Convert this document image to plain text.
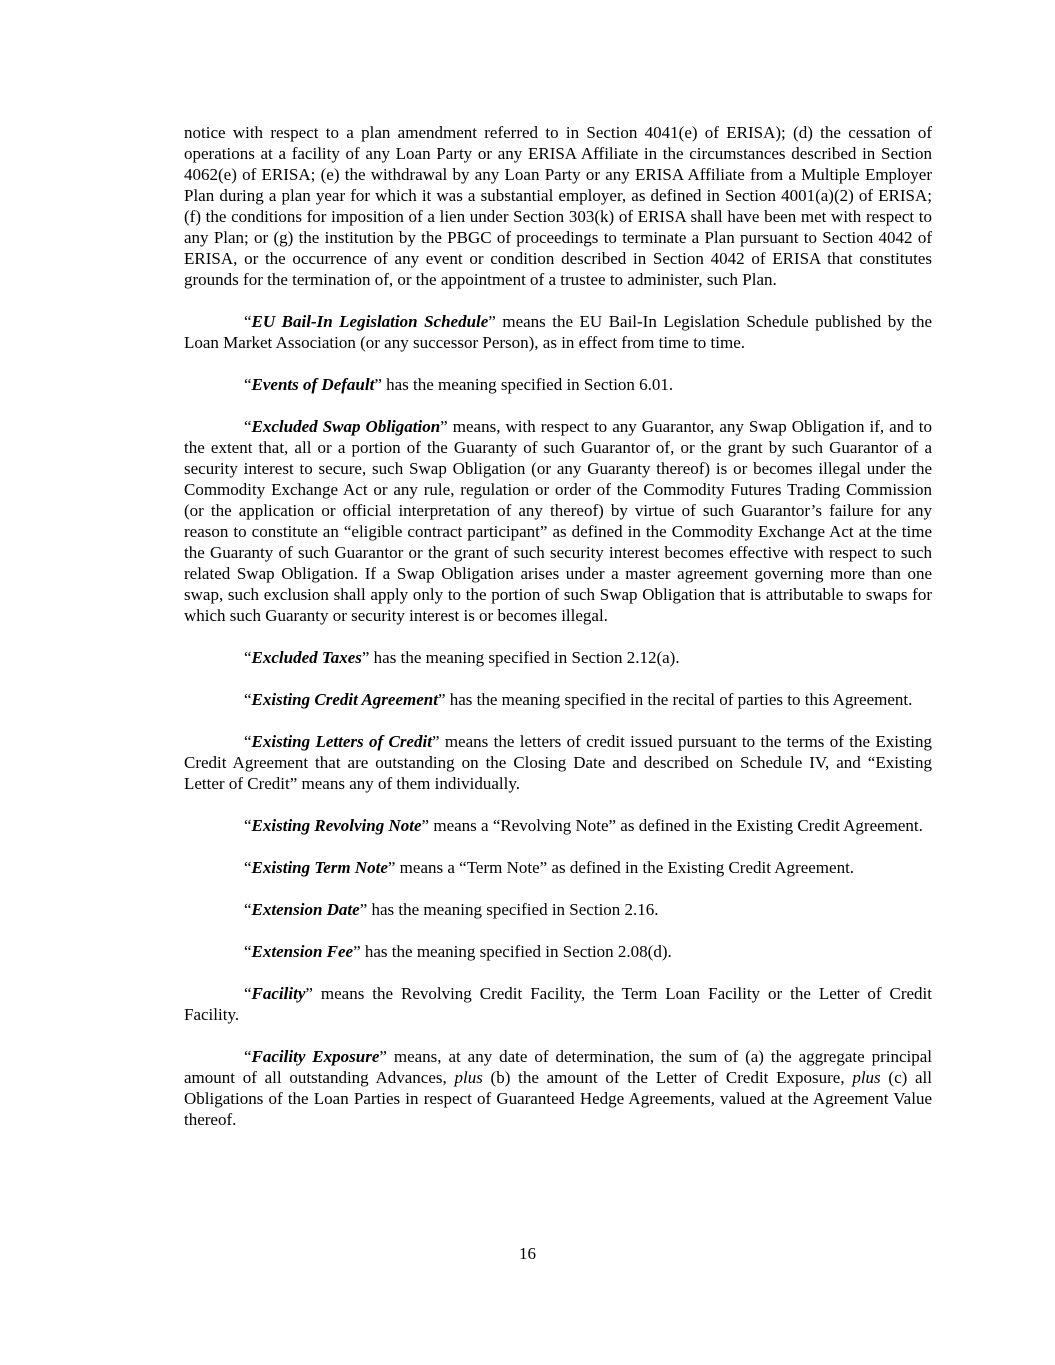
notice with respect to a plan amendment referred to in Section 4041(e) of ERISA); (d) the cessation of operations at a facility of any Loan Party or any ERISA Affiliate in the circumstances described in Section 4062(e) of ERISA; (e) the withdrawal by any Loan Party or any ERISA Affiliate from a Multiple Employer Plan during a plan year for which it was a substantial employer, as defined in Section 4001(a)(2) of ERISA; (f) the conditions for imposition of a lien under Section 303(k) of ERISA shall have been met with respect to any Plan; or (g) the institution by the PBGC of proceedings to terminate a Plan pursuant to Section 4042 of ERISA, or the occurrence of any event or condition described in Section 4042 of ERISA that constitutes grounds for the termination of, or the appointment of a trustee to administer, such Plan.

“EU Bail-In Legislation Schedule” means the EU Bail-In Legislation Schedule published by the Loan Market Association (or any successor Person), as in effect from time to time.

“Events of Default” has the meaning specified in Section 6.01.

“Excluded Swap Obligation” means, with respect to any Guarantor, any Swap Obligation if, and to the extent that, all or a portion of the Guaranty of such Guarantor of, or the grant by such Guarantor of a security interest to secure, such Swap Obligation (or any Guaranty thereof) is or becomes illegal under the Commodity Exchange Act or any rule, regulation or order of the Commodity Futures Trading Commission (or the application or official interpretation of any thereof) by virtue of such Guarantor’s failure for any reason to constitute an “eligible contract participant” as defined in the Commodity Exchange Act at the time the Guaranty of such Guarantor or the grant of such security interest becomes effective with respect to such related Swap Obligation. If a Swap Obligation arises under a master agreement governing more than one swap, such exclusion shall apply only to the portion of such Swap Obligation that is attributable to swaps for which such Guaranty or security interest is or becomes illegal.

“Excluded Taxes” has the meaning specified in Section 2.12(a).

“Existing Credit Agreement” has the meaning specified in the recital of parties to this Agreement.

“Existing Letters of Credit” means the letters of credit issued pursuant to the terms of the Existing Credit Agreement that are outstanding on the Closing Date and described on Schedule IV, and “Existing Letter of Credit” means any of them individually.

“Existing Revolving Note” means a “Revolving Note” as defined in the Existing Credit Agreement.

“Existing Term Note” means a “Term Note” as defined in the Existing Credit Agreement.

“Extension Date” has the meaning specified in Section 2.16.

“Extension Fee” has the meaning specified in Section 2.08(d).

“Facility” means the Revolving Credit Facility, the Term Loan Facility or the Letter of Credit Facility.

“Facility Exposure” means, at any date of determination, the sum of (a) the aggregate principal amount of all outstanding Advances, plus (b) the amount of the Letter of Credit Exposure, plus (c) all Obligations of the Loan Parties in respect of Guaranteed Hedge Agreements, valued at the Agreement Value thereof.

16
